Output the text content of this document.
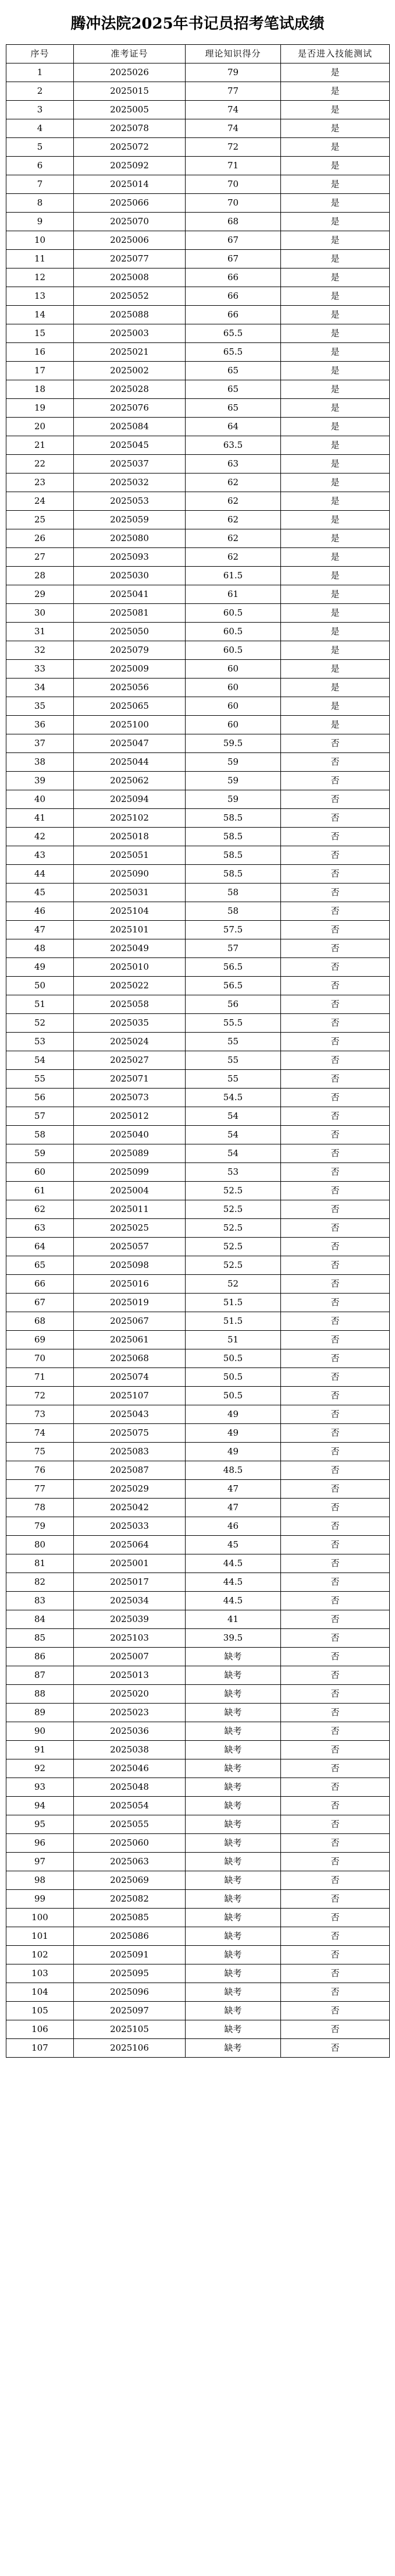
腾冲法院2025年书记员招考笔试成绩
序号	准考证号	理论知识得分	是否进入技能测试
1	2025026	79	是
2	2025015	77	是
3	2025005	74	是
4	2025078	74	是
5	2025072	72	是
6	2025092	71	是
7	2025014	70	是
8	2025066	70	是
9	2025070	68	是
10	2025006	67	是
11	2025077	67	是
12	2025008	66	是
13	2025052	66	是
14	2025088	66	是
15	2025003	65.5	是
16	2025021	65.5	是
17	2025002	65	是
18	2025028	65	是
19	2025076	65	是
20	2025084	64	是
21	2025045	63.5	是
22	2025037	63	是
23	2025032	62	是
24	2025053	62	是
25	2025059	62	是
26	2025080	62	是
27	2025093	62	是
28	2025030	61.5	是
29	2025041	61	是
30	2025081	60.5	是
31	2025050	60.5	是
32	2025079	60.5	是
33	2025009	60	是
34	2025056	60	是
35	2025065	60	是
36	2025100	60	是
37	2025047	59.5	否
38	2025044	59	否
39	2025062	59	否
40	2025094	59	否
41	2025102	58.5	否
42	2025018	58.5	否
43	2025051	58.5	否
44	2025090	58.5	否
45	2025031	58	否
46	2025104	58	否
47	2025101	57.5	否
48	2025049	57	否
49	2025010	56.5	否
50	2025022	56.5	否
51	2025058	56	否
52	2025035	55.5	否
53	2025024	55	否
54	2025027	55	否
55	2025071	55	否
56	2025073	54.5	否
57	2025012	54	否
58	2025040	54	否
59	2025089	54	否
60	2025099	53	否
61	2025004	52.5	否
62	2025011	52.5	否
63	2025025	52.5	否
64	2025057	52.5	否
65	2025098	52.5	否
66	2025016	52	否
67	2025019	51.5	否
68	2025067	51.5	否
69	2025061	51	否
70	2025068	50.5	否
71	2025074	50.5	否
72	2025107	50.5	否
73	2025043	49	否
74	2025075	49	否
75	2025083	49	否
76	2025087	48.5	否
77	2025029	47	否
78	2025042	47	否
79	2025033	46	否
80	2025064	45	否
81	2025001	44.5	否
82	2025017	44.5	否
83	2025034	44.5	否
84	2025039	41	否
85	2025103	39.5	否
86	2025007	缺考	否
87	2025013	缺考	否
88	2025020	缺考	否
89	2025023	缺考	否
90	2025036	缺考	否
91	2025038	缺考	否
92	2025046	缺考	否
93	2025048	缺考	否
94	2025054	缺考	否
95	2025055	缺考	否
96	2025060	缺考	否
97	2025063	缺考	否
98	2025069	缺考	否
99	2025082	缺考	否
100	2025085	缺考	否
101	2025086	缺考	否
102	2025091	缺考	否
103	2025095	缺考	否
104	2025096	缺考	否
105	2025097	缺考	否
106	2025105	缺考	否
107	2025106	缺考	否
